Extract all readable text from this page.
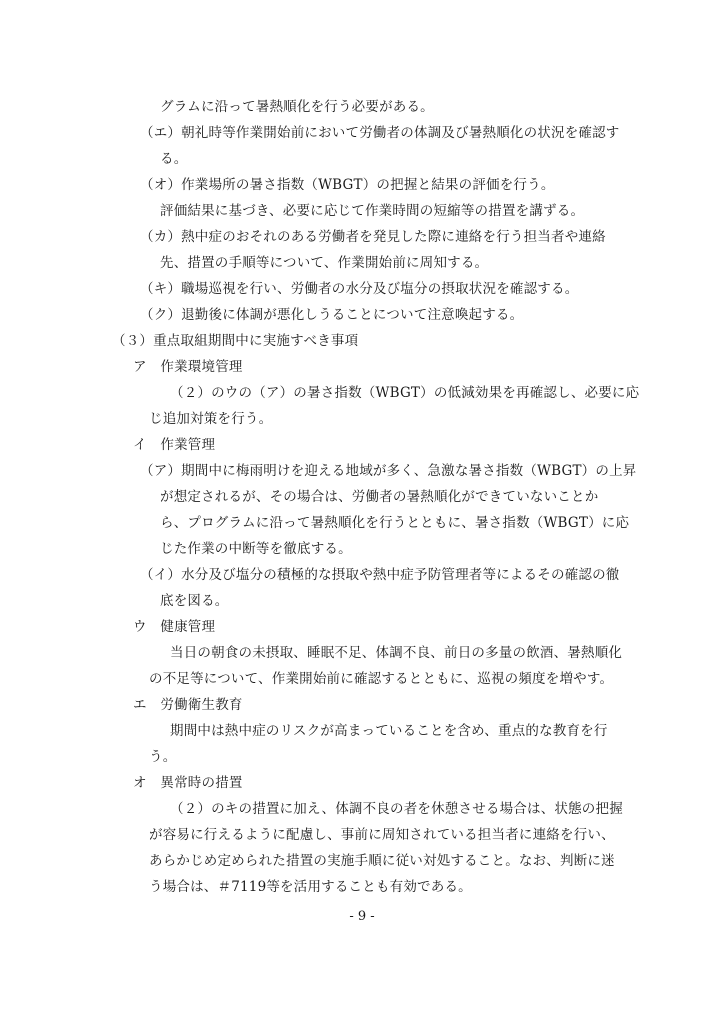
グラムに沿って暑熱順化を行う必要がある。
（エ）朝礼時等作業開始前において労働者の体調及び暑熱順化の状況を確認す
る。
（オ）作業場所の暑さ指数（WBGT）の把握と結果の評価を行う。
評価結果に基づき、必要に応じて作業時間の短縮等の措置を講ずる。
（カ）熱中症のおそれのある労働者を発見した際に連絡を行う担当者や連絡
先、措置の手順等について、作業開始前に周知する。
（キ）職場巡視を行い、労働者の水分及び塩分の摂取状況を確認する。
（ク）退勤後に体調が悪化しうることについて注意喚起する。
（３）重点取組期間中に実施すべき事項
ア　作業環境管理
（２）のウの（ア）の暑さ指数（WBGT）の低減効果を再確認し、必要に応
じ追加対策を行う。
イ　作業管理
（ア）期間中に梅雨明けを迎える地域が多く、急激な暑さ指数（WBGT）の上昇
が想定されるが、その場合は、労働者の暑熱順化ができていないことか
ら、プログラムに沿って暑熱順化を行うとともに、暑さ指数（WBGT）に応
じた作業の中断等を徹底する。
（イ）水分及び塩分の積極的な摂取や熱中症予防管理者等によるその確認の徹
底を図る。
ウ　健康管理
当日の朝食の未摂取、睡眠不足、体調不良、前日の多量の飲酒、暑熱順化
の不足等について、作業開始前に確認するとともに、巡視の頻度を増やす。
エ　労働衛生教育
期間中は熱中症のリスクが高まっていることを含め、重点的な教育を行
う。
オ　異常時の措置
（２）のキの措置に加え、体調不良の者を休憩させる場合は、状態の把握
が容易に行えるように配慮し、事前に周知されている担当者に連絡を行い、
あらかじめ定められた措置の実施手順に従い対処すること。なお、判断に迷
う場合は、＃7119等を活用することも有効である。
- 9 -
